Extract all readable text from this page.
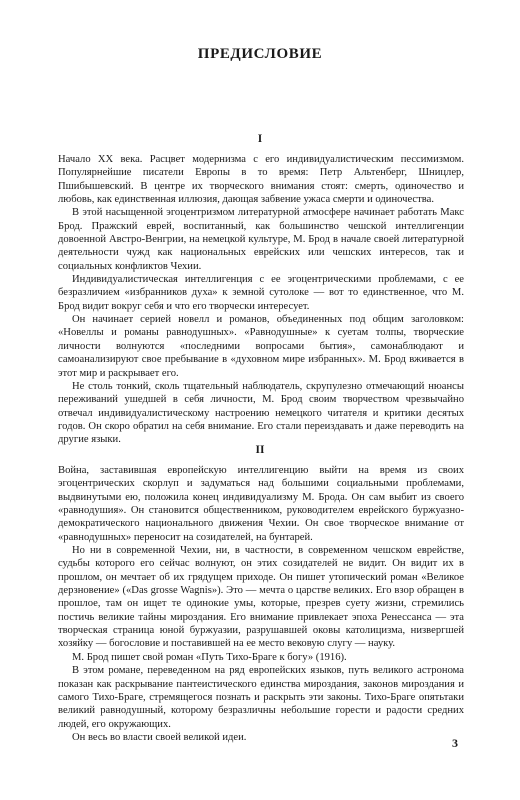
ПРЕДИСЛОВИЕ
I

Начало XX века. Расцвет модернизма с его индивидуалистическим пессимизмом. Популярнейшие писатели Европы в то время: Петр Альтенберг, Шницлер, Пшибышевский. В центре их творческого внимания стоят: смерть, одиночество и любовь, как единственная иллюзия, дающая забвение ужаса смерти и одиночества.

В этой насыщенной эгоцентризмом литературной атмосфере начинает работать Макс Брод. Пражский еврей, воспитанный, как большинство чешской интеллигенции довоенной Австро-Венгрии, на немецкой культуре, М. Брод в начале своей литературной деятельности чужд как национальных еврейских или чешских интересов, так и социальных конфликтов Чехии.

Индивидуалистическая интеллигенция с ее эгоцентрическими проблемами, с ее безразличием «избранников духа» к земной сутолоке — вот то единственное, что М. Брод видит вокруг себя и что его творчески интересует.

Он начинает серией новелл и романов, объединенных под общим заголовком: «Новеллы и романы равнодушных». «Равнодушные» к суетам толпы, творческие личности волнуются «последними вопросами бытия», самонаблюдают и самоанализируют свое пребывание в «духовном мире избранных». М. Брод вживается в этот мир и раскрывает его.

Не столь тонкий, сколь тщательный наблюдатель, скрупулезно отмечающий нюансы переживаний ушедшей в себя личности, М. Брод своим творчеством чрезвычайно отвечал индивидуалистическому настроению немецкого читателя и критики десятых годов. Он скоро обратил на себя внимание. Его стали переиздавать и даже переводить на другие языки.

II

Война, заставившая европейскую интеллигенцию выйти на время из своих эгоцентрических скорлуп и задуматься над большими социальными проблемами, выдвинутыми ею, положила конец индивидуализму М. Брода. Он сам выбит из своего «равнодушия». Он становится общественником, руководителем еврейского буржуазно-демократического национального движения Чехии. Он свое творческое внимание от «равнодушных» переносит на созидателей, на бунтарей.

Но ни в современной Чехии, ни, в частности, в современном чешском еврействе, судьбы которого его сейчас волнуют, он этих созидателей не видит. Он видит их в прошлом, он мечтает об их грядущем приходе. Он пишет утопический роман «Великое дерзновение» («Das grosse Wagnis»). Это — мечта о царстве великих. Его взор обращен в прошлое, там он ищет те одинокие умы, которые, презрев суету жизни, стремились постичь великие тайны мироздания. Его внимание привлекает эпоха Ренессанса — эта творческая страница юной буржуазии, разрушавшей оковы католицизма, низвергшей хозяйку — богословие и поставившей на ее место вековую слугу — науку.

М. Брод пишет свой роман «Путь Тихо-Браге к богу» (1916).

В этом романе, переведенном на ряд европейских языков, путь великого астронома показан как раскрывание пантеистического единства мироздания, законов мироздания и самого Тихо-Браге, стремящегося познать и раскрыть эти законы. Тихо-Браге опятьтаки великий равнодушный, которому безразличны небольшие горести и радости средних людей, его окружающих.

Он весь во власти своей великой идеи.	3
